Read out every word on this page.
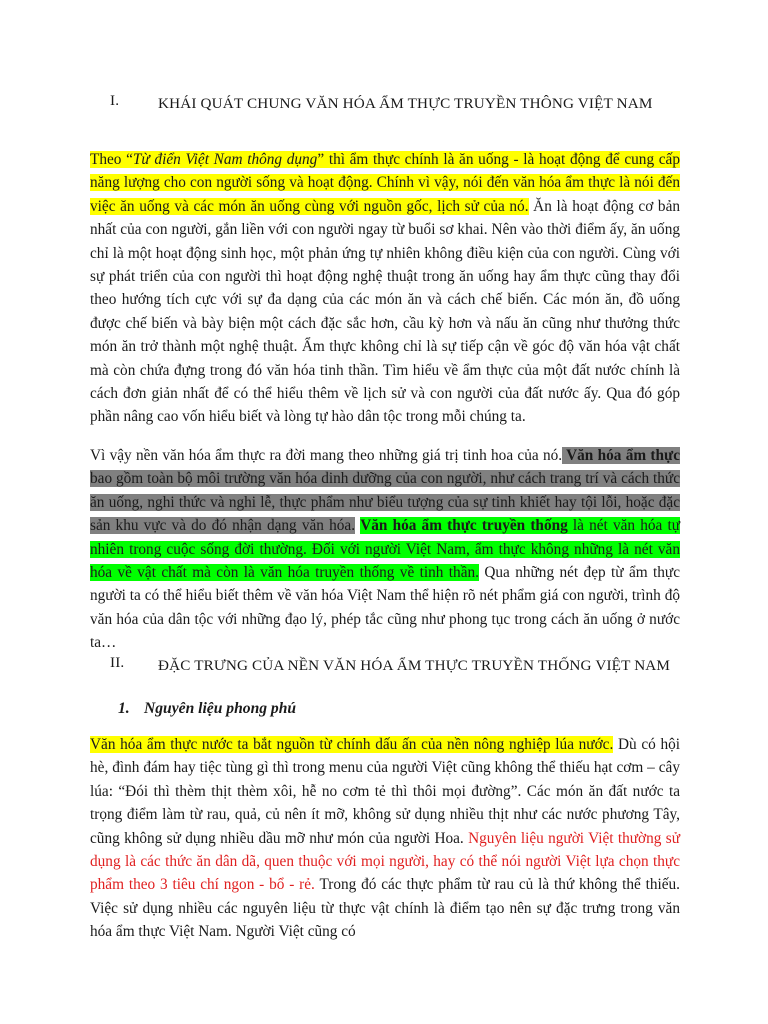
I.	KHÁI QUÁT CHUNG VĂN HÓA ẨM THỰC TRUYỀN THÔNG VIỆT NAM
Theo “Từ điển Việt Nam thông dụng” thì ẩm thực chính là ăn uống - là hoạt động để cung cấp năng lượng cho con người sống và hoạt động. Chính vì vậy, nói đến văn hóa ẩm thực là nói đến việc ăn uống và các món ăn uống cùng với nguồn gốc, lịch sử của nó. Ăn là hoạt động cơ bản nhất của con người, gắn liền với con người ngay từ buổi sơ khai. Nên vào thời điểm ấy, ăn uống chỉ là một hoạt động sinh học, một phản ứng tự nhiên không điều kiện của con người. Cùng với sự phát triển của con người thì hoạt động nghệ thuật trong ăn uống hay ẩm thực cũng thay đổi theo hướng tích cực với sự đa dạng của các món ăn và cách chế biến. Các món ăn, đồ uống được chế biến và bày biện một cách đặc sắc hơn, cầu kỳ hơn và nấu ăn cũng như thưởng thức món ăn trở thành một nghệ thuật. Ẩm thực không chỉ là sự tiếp cận về góc độ văn hóa vật chất mà còn chứa đựng trong đó văn hóa tinh thần. Tìm hiểu về ẩm thực của một đất nước chính là cách đơn giản nhất để có thể hiểu thêm về lịch sử và con người của đất nước ấy. Qua đó góp phần nâng cao vốn hiểu biết và lòng tự hào dân tộc trong mỗi chúng ta.
Vì vậy nền văn hóa ẩm thực ra đời mang theo những giá trị tinh hoa của nó. Văn hóa ẩm thực bao gồm toàn bộ môi trường văn hóa dinh dưỡng của con người, như cách trang trí và cách thức ăn uống, nghi thức và nghi lễ, thực phẩm như biểu tượng của sự tinh khiết hay tội lỗi, hoặc đặc sản khu vực và do đó nhận dạng văn hóa. Văn hóa ẩm thực truyền thống là nét văn hóa tự nhiên trong cuộc sống đời thường. Đối với người Việt Nam, ẩm thực không những là nét văn hóa về vật chất mà còn là văn hóa truyền thống về tinh thần. Qua những nét đẹp từ ẩm thực người ta có thể hiểu biết thêm về văn hóa Việt Nam thể hiện rõ nét phẩm giá con người, trình độ văn hóa của dân tộc với những đạo lý, phép tắc cũng như phong tục trong cách ăn uống ở nước ta…
II. ĐẶC TRƯNG CỦA NỀN VĂN HÓA ẨM THỰC TRUYỀN THỐNG VIỆT NAM
1. Nguyên liệu phong phú
Văn hóa ẩm thực nước ta bắt nguồn từ chính dấu ấn của nền nông nghiệp lúa nước. Dù có hội hè, đình đám hay tiệc tùng gì thì trong menu của người Việt cũng không thể thiếu hạt cơm – cây lúa: “Đói thì thèm thịt thèm xôi, hễ no cơm tẻ thì thôi mọi đường”. Các món ăn đất nước ta trọng điểm làm từ rau, quả, củ nên ít mỡ, không sử dụng nhiều thịt như các nước phương Tây, cũng không sử dụng nhiều dầu mỡ như món của người Hoa. Nguyên liệu người Việt thường sử dụng là các thức ăn dân dã, quen thuộc với mọi người, hay có thể nói người Việt lựa chọn thực phẩm theo 3 tiêu chí ngon - bổ - rẻ. Trong đó các thực phẩm từ rau củ là thứ không thể thiếu. Việc sử dụng nhiều các nguyên liệu từ thực vật chính là điểm tạo nên sự đặc trưng trong văn hóa ẩm thực Việt Nam. Người Việt cũng có
